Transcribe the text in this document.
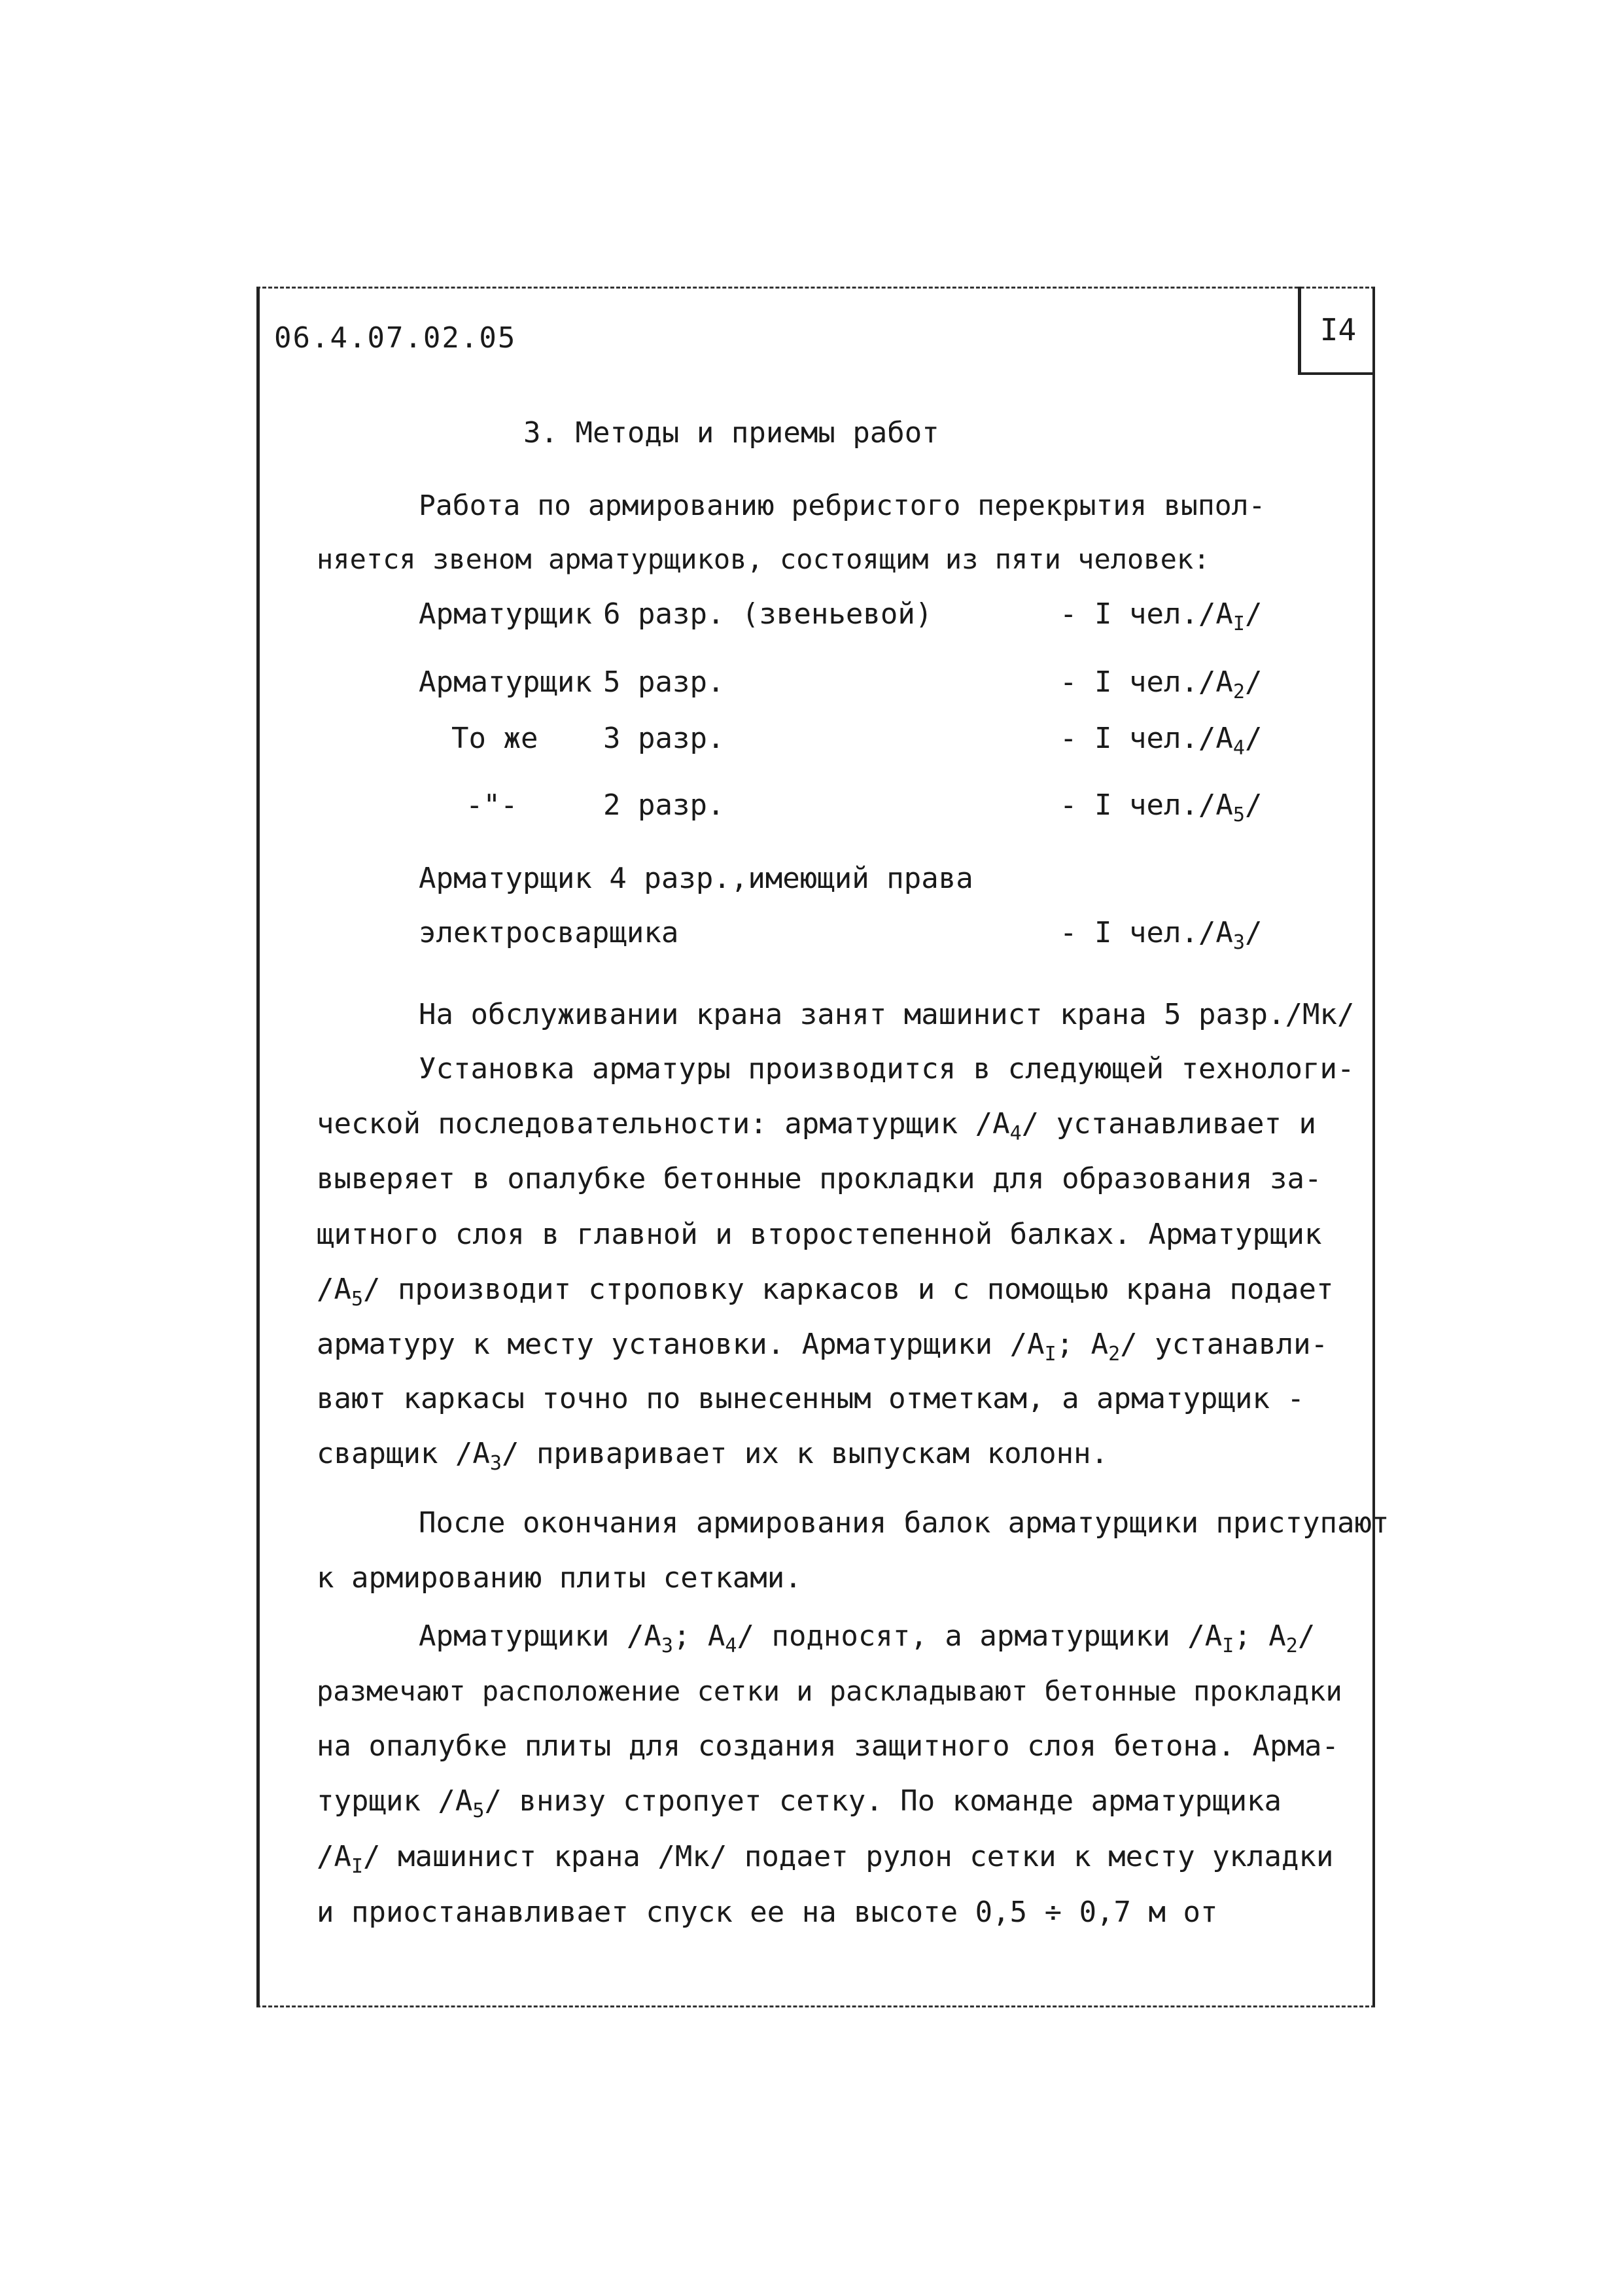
06.4.07.02.05	I4
3. Методы и приемы работ
Работа по армированию ребристого перекрытия выпол-
няется звеном арматурщиков, состоящим из пяти человек:
Арматурщик 6 разр. (звеньевой)	- I $чел./A_I/$
Арматурщик 5 разр.	- I $чел./A_2/$
То же 3 разр.	- I $чел./A_4/$
-"-	2 разр.	- I $чел./A_5/$
Арматурщик 4 разр.,имеющий права
электросварщика	- I $чел./A_3/$
На обслуживании крана занят машинист крана 5 разр./Мк/
Установка арматуры производится в следующей технологи-
ческой последовательности: арматурщик $/A_4/$ устанавливает и
выверяет в опалубке бетонные прокладки для образования за-
щитного слоя в главной и второстепенной балках. Арматурщик
$/A_5/$ производит строповку каркасов и с помощью крана подает
арматуру к месту установки. Арматурщики $/A_I$; $A_2/$ устанавли-
вают каркасы точно по вынесенным отметкам, а арматурщик -
сварщик $/A_3/$ приваривает их к выпускам колонн.
После окончания армирования балок арматурщики приступают
к армированию плиты сетками.
Арматурщики $/A_3$; $A_4/$ подносят, а арматурщики $/A_I$; $A_2/$
размечают расположение сетки и раскладывают бетонные прокладки
на опалубке плиты для создания защитного слоя бетона. Арма-
турщик $/A_5/$ внизу стропует сетку. По команде арматурщика
$/A_I/$ машинист крана /Мк/ подает рулон сетки к месту укладки
и приостанавливает спуск ее на высоте 0,5 ÷ 0,7 м от
